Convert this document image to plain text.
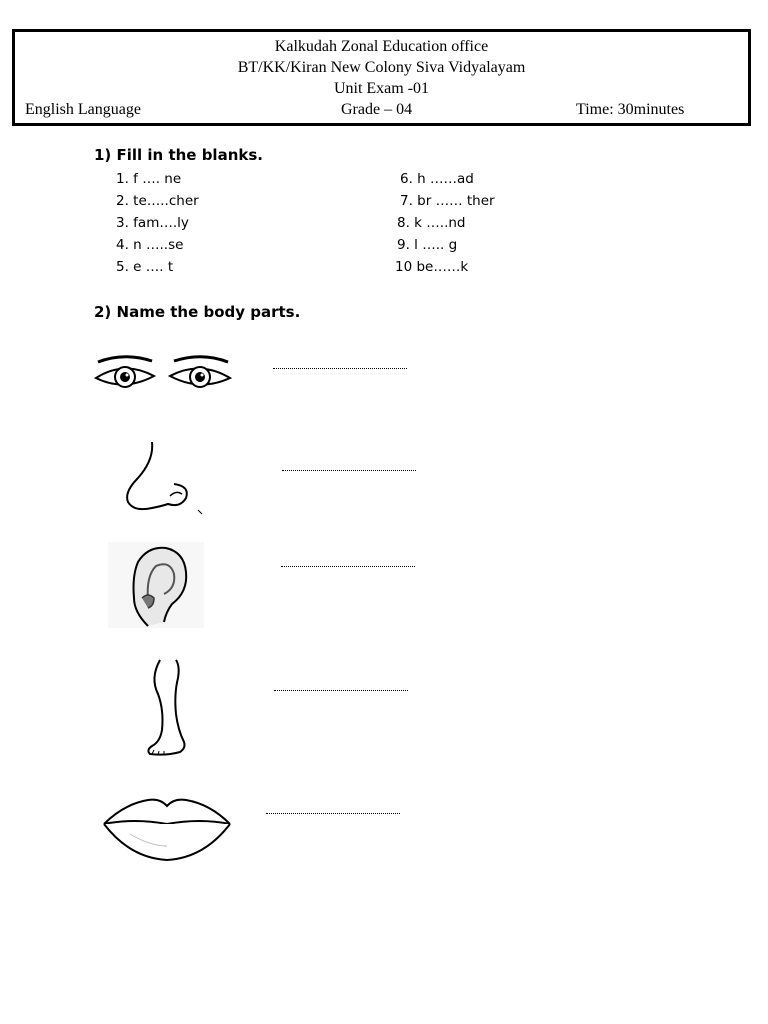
Kalkudah Zonal Education office
BT/KK/Kiran New Colony Siva Vidyalayam
Unit Exam -01
English Language	Grade – 04	Time: 30minutes
1) Fill in the blanks.
1. f …. ne
2. te…..cher
3. fam….ly
4. n …..se
5. e …. t
6. h ……ad
7. br …… ther
8. k …..nd
9. l ….. g
10 be……k
2) Name the body parts.
